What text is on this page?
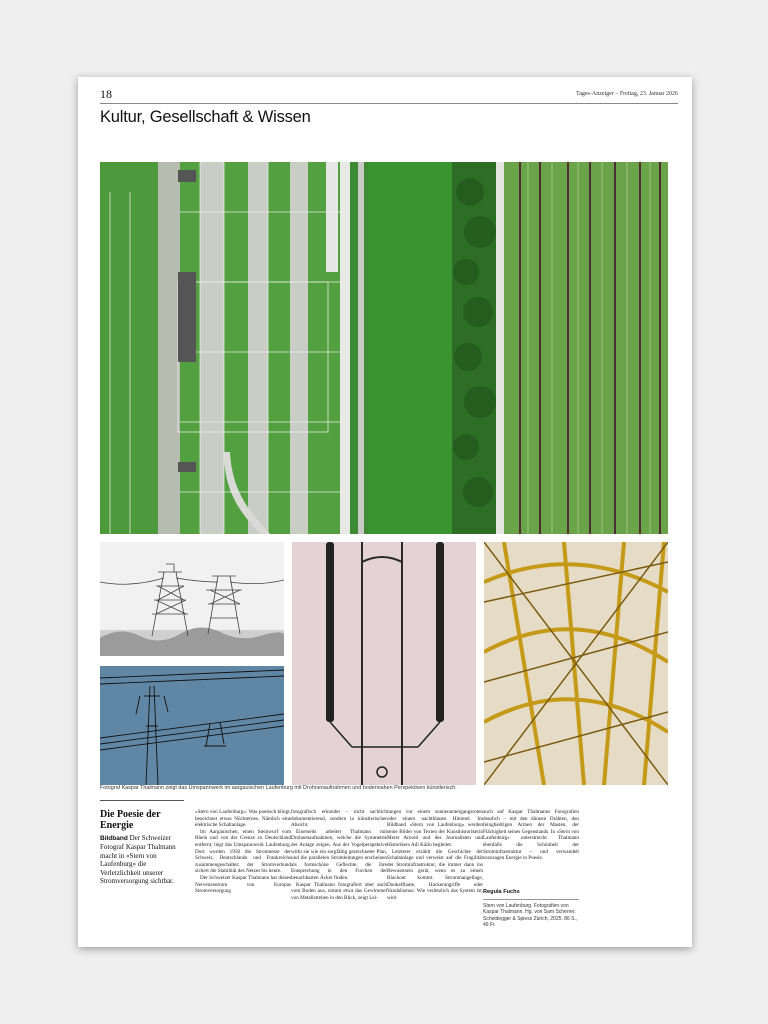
18	Tages-Anzeiger – Freitag, 23. Januar 2026
Kultur, Gesellschaft & Wissen
Fotograf Kaspar Thalmann zeigt das Umspannwerk im aargauischen Laufenburg mit Drohnenaufnahmen und bodennahen Perspektiven künstlerisch.
Die Poesie der Energie
Bildband Der Schweizer Fotograf Kaspar Thalmann macht in «Stern von Laufenburg» die Verletzlichkeit unserer Stromversorgung sichtbar.

«Stern von Laufenburg»: Was poetisch klingt, bezeichnet etwas Nüchternes. Nämlich eine elektrische Schaltanlage.

Im Aargauischen, einen Steinwurf vom Rhein und von der Grenze zu Deutschland entfernt, liegt das Umspannwerk Laufenburg. Dort wurden 1958 die Stromnetze der Schweiz, Deutschlands und Frankreichs zusammengeschaltet; der Stromverbund sichert die Stabilität des Netzes bis heute.

Der Schweizer Kaspar Thalmann hat dieses Nervenzentrum von Europas Stromversorgung

fotografisch erkundet – nicht sachlich dokumentierend, sondern in künstlerischer Absicht.

Einerseits arbeitet Thalmann mit Drohnenaufnahmen, welche die Symmetrie der Anlage zeigen. Aus der Vogelperspektive wirkt sie wie ein sorgfältig gezeichneter Plan, und die parallelen Stromleitungen erscheinen als formschöne Geflechte, die ihre Entsprechung in den Furchen der benachbarten Äcker finden.

Kaspar Thalmann fotografiert aber auch vom Boden aus, nimmt etwa das Gewimmel von Metallstreben in den Blick, zeigt Lei-

tungen vor einem sonnenuntergangsroten oder einem nachtblauen Himmel. Im Bildband «Stern von Laufenburg» werden seine Bilder von Texten der Kunsthistorikerin Meret Arnold und des Journalisten und Historikers Adi Kälin begleitet.

Letzterer erzählt die Geschichte der Schaltanlage und verweist auf die Fragilität der Strominfrastruktur, die immer dann ins Bewusstsein gerät, wenn es zu einem Blackout kommt. Strommangellage, Dunkelflaute, Hackerangriffe oder Vandalismus: Wie verletzlich das System ist, wird

auch auf Kaspar Thalmanns Fotografien deutlich – mit den dünnen Drähten, den feingliedrigen Armen der Masten, der Flächigkeit seines Gegenstands. In «Stern von Laufenburg» unterstreicht Thalmann ebenfalls die Schönheit der Strominfrastruktur – und verwandelt sozusagen Energie in Poesie.

Regula Fuchs
Stern von Laufenburg. Fotografien von Kaspar Thalmann. Hg. von Sam Scherrer. Scheidegger & Spiess Zürich, 2025. 86 S., 49 Fr.
